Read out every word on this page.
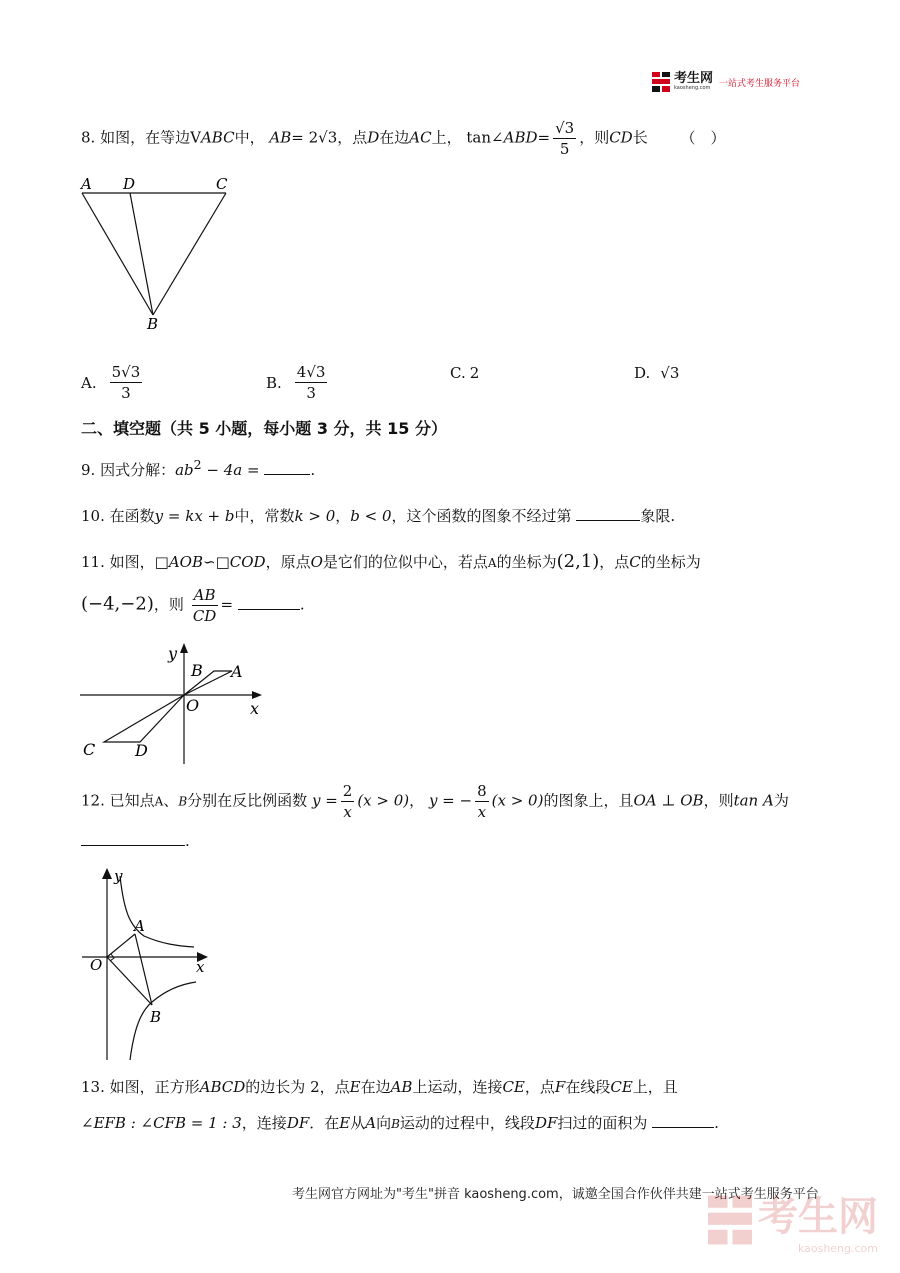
考生网
kaosheng.com 一站式考生服务平台
8. 如图，在等边VABC中， AB= 2√3，点D在边AC上， tan∠ABD= $\frac{√3}{5}$ ，则CD长 （　）
A D	C
B
A. $\frac{5√3}{3}$	B. $\frac{4√3}{3}$	C. 2	D. √3
二、填空题（共 5 小题，每小题 3 分，共 15 分）
9. 因式分解：$ab^2 - 4a$ =	.
10. 在函数y = kx + b中，常数k > 0，b < 0，这个函数的图象不经过第	象限.
11. 如图，□AOB∽□COD，原点O是它们的位似中心，若点A的坐标为(2,1)，点C的坐标为
(−4,−2)，则 $\frac{AB}{CD}$ =	.
y
B A
O	x
C D
12. 已知点A、B分别在反比例函数 $y = \frac{2}{x} (x > 0)$， y = − $\frac{8}{x} (x > 0)$的图象上，且OA ⊥ OB，则tan A为
.
y
A
O	x
B
13. 如图，正方形ABCD的边长为 2，点E在边AB上运动，连接CE，点F在线段CE上，且
∠EFB : ∠CFB = 1 : 3，连接DF．在E从A向B运动的过程中，线段DF扫过的面积为	.
考生网官方网址为"考生"拼音 kaosheng.com，诚邀全国合作伙伴共建一站式考生服务平台
考生网
kaosheng.com
